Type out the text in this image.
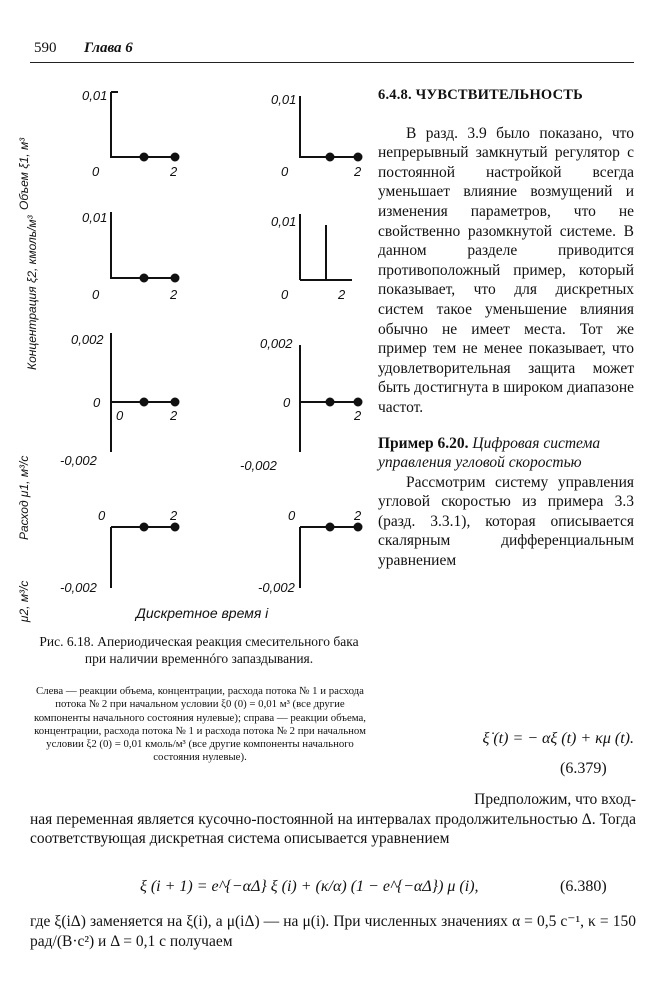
590 Глава 6
Объем ξ1, м³
Концентрация ξ2, кмоль/м³
Расход μ1, м³/с
Расход μ2, м³/с
0,01
0	2
0,01
0	2
0,01
0	2
0,01
0	2
0,002
0
0	2
-0,002
0,002
0
2
-0,002
0	2
-0,002
0	2
-0,002
Дискретное время i
Рис. 6.18. Апериодическая реакция смесительного бака при наличии временнóго запаздывания.
Слева — реакции объема, концентрации, расхода потока № 1 и расхода потока № 2 при начальном условии ξ0 (0) = 0,01 м³ (все другие компоненты начального состояния нулевые); справа — реакции объема, концентрации, расхода потока № 1 и расхода потока № 2 при начальном условии ξ2 (0) = 0,01 кмоль/м³ (все другие компоненты начального состояния нулевые).
6.4.8. ЧУВСТВИТЕЛЬНОСТЬ

В разд. 3.9 было показано, что непрерывный замкнутый регулятор с постоянной настройкой всегда уменьшает влияние возмущений и изменения параметров, что не свойственно разомкнутой системе. В данном разделе приводится противоположный пример, который показывает, что для дискретных систем такое уменьшение влияния обычно не имеет места. Тот же пример тем не менее показывает, что удовлетворительная защита может быть достигнута в широком диапазоне частот.

Пример 6.20. Цифровая система управления угловой скоростью

Рассмотрим систему управления угловой скоростью из примера 3.3 (разд. 3.3.1), которая описывается скалярным дифференциальным уравнением

ξ̇ (t) = − αξ (t) + κμ (t).
(6.379)

Предположим, что вход-

ная переменная является кусочно-постоянной на интервалах продолжительностью Δ. Тогда соответствующая дискретная система описывается уравнением

ξ (i + 1) = e^{−αΔ} ξ (i) + (κ/α) (1 − e^{−αΔ}) μ (i),	(6.380)
где ξ(iΔ) заменяется на ξ(i), а μ(iΔ) — на μ(i). При численных значениях α = 0,5 с⁻¹, κ = 150 рад/(В·с²) и Δ = 0,1 с получаем
